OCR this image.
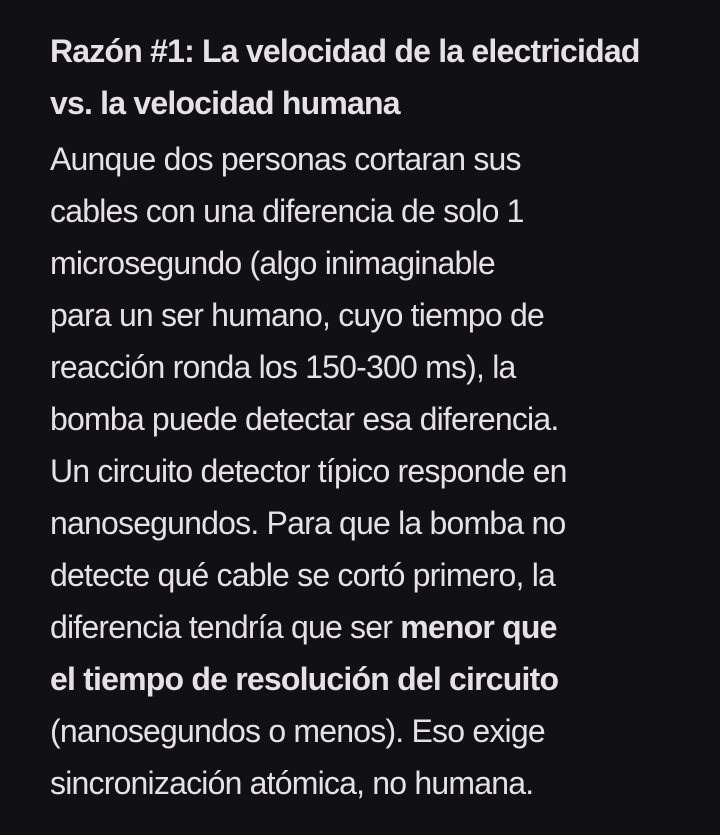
Razón #1: La velocidad de la electricidad
vs. la velocidad humana
Aunque dos personas cortaran sus
cables con una diferencia de solo 1
microsegundo (algo inimaginable
para un ser humano, cuyo tiempo de
reacción ronda los 150-300 ms), la
bomba puede detectar esa diferencia.
Un circuito detector típico responde en
nanosegundos. Para que la bomba no
detecte qué cable se cortó primero, la
diferencia tendría que ser menor que
el tiempo de resolución del circuito
(nanosegundos o menos). Eso exige
sincronización atómica, no humana.
